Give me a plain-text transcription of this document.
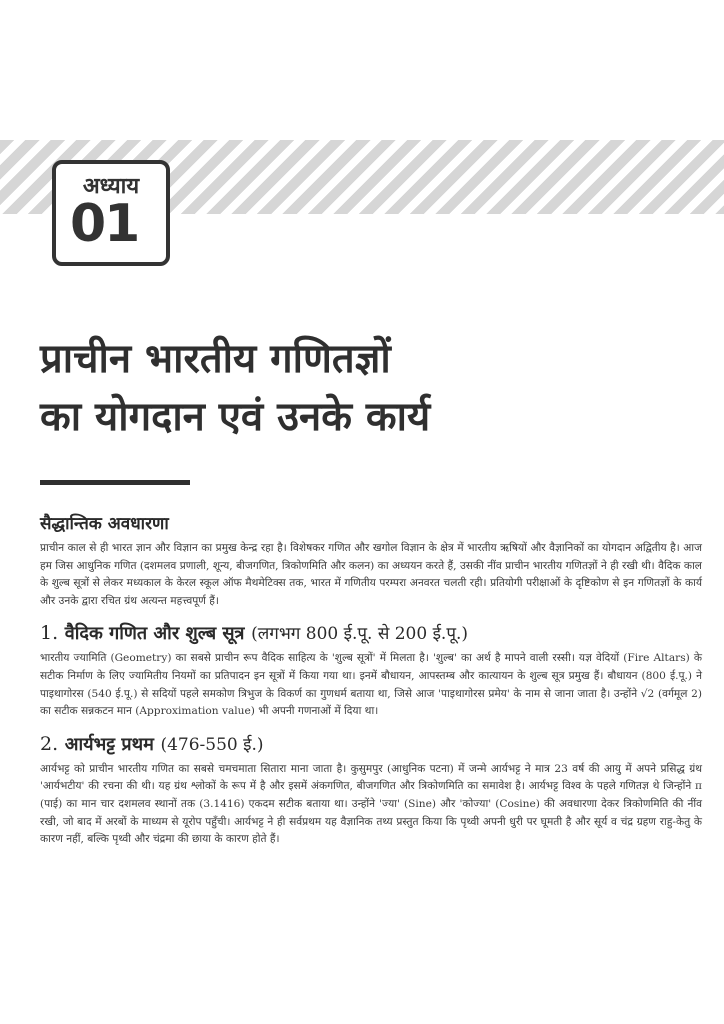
अध्याय
01
प्राचीन भारतीय गणितज्ञों
का योगदान एवं उनके कार्य
सैद्धान्तिक अवधारणा

प्राचीन काल से ही भारत ज्ञान और विज्ञान का प्रमुख केन्द्र रहा है। विशेषकर गणित और खगोल विज्ञान के क्षेत्र में भारतीय ऋषियों और वैज्ञानिकों का योगदान अद्वितीय है। आज हम जिस आधुनिक गणित (दशमलव प्रणाली, शून्य, बीजगणित, त्रिकोणमिति और कलन) का अध्ययन करते हैं, उसकी नींव प्राचीन भारतीय गणितज्ञों ने ही रखी थी। वैदिक काल के शुल्ब सूत्रों से लेकर मध्यकाल के केरल स्कूल ऑफ मैथमेटिक्स तक, भारत में गणितीय परम्परा अनवरत चलती रही। प्रतियोगी परीक्षाओं के दृष्टिकोण से इन गणितज्ञों के कार्य और उनके द्वारा रचित ग्रंथ अत्यन्त महत्त्वपूर्ण हैं।

1. वैदिक गणित और शुल्ब सूत्र (लगभग 800 ई.पू. से 200 ई.पू.)

भारतीय ज्यामिति (Geometry) का सबसे प्राचीन रूप वैदिक साहित्य के 'शुल्ब सूत्रों' में मिलता है। 'शुल्ब' का अर्थ है मापने वाली रस्सी। यज्ञ वेदियों (Fire Altars) के सटीक निर्माण के लिए ज्यामितीय नियमों का प्रतिपादन इन सूत्रों में किया गया था। इनमें बौधायन, आपस्तम्ब और कात्यायन के शुल्ब सूत्र प्रमुख हैं। बौधायन (800 ई.पू.) ने पाइथागोरस (540 ई.पू.) से सदियों पहले समकोण त्रिभुज के विकर्ण का गुणधर्म बताया था, जिसे आज 'पाइथागोरस प्रमेय' के नाम से जाना जाता है। उन्होंने √2 (वर्गमूल 2) का सटीक सन्नकटन मान (Approximation value) भी अपनी गणनाओं में दिया था।

2. आर्यभट्ट प्रथम (476-550 ई.)

आर्यभट्ट को प्राचीन भारतीय गणित का सबसे चमचमाता सितारा माना जाता है। कुसुमपुर (आधुनिक पटना) में जन्मे आर्यभट्ट ने मात्र 23 वर्ष की आयु में अपने प्रसिद्ध ग्रंथ 'आर्यभटीय' की रचना की थी। यह ग्रंथ श्लोकों के रूप में है और इसमें अंकगणित, बीजगणित और त्रिकोणमिति का समावेश है। आर्यभट्ट विश्व के पहले गणितज्ञ थे जिन्होंने π (पाई) का मान चार दशमलव स्थानों तक (3.1416) एकदम सटीक बताया था। उन्होंने 'ज्या' (Sine) और 'कोज्या' (Cosine) की अवधारणा देकर त्रिकोणमिति की नींव रखी, जो बाद में अरबों के माध्यम से यूरोप पहुँची। आर्यभट्ट ने ही सर्वप्रथम यह वैज्ञानिक तथ्य प्रस्तुत किया कि पृथ्वी अपनी धुरी पर घूमती है और सूर्य व चंद्र ग्रहण राहु-केतु के कारण नहीं, बल्कि पृथ्वी और चंद्रमा की छाया के कारण होते हैं।
